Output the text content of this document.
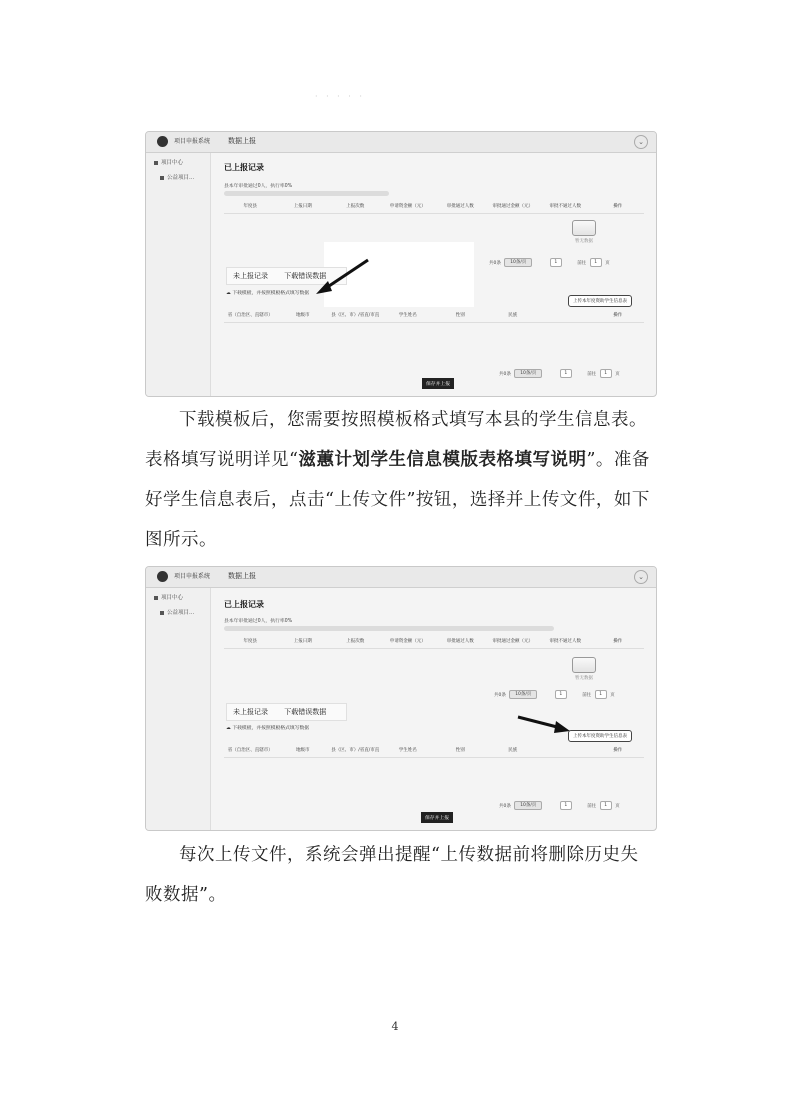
· · · · ·
项目申报系统	数据上报	⌄
项目中心
公益项目...
已上报记录
县本年审批通过0人，执行率0%
年度县	上报日期	上报次数	申请资金额（元）	审批通过人数	审批通过金额（元）	审批不通过人数	操作
暂无数据
共0条 10条/页	1	前往 1 页
未上报记录 下载错误数据
☁ 下载模板，并按照模板格式填写数据
上传本年度资助学生信息表
省（自治区、直辖市）	地级市	县（区、市）/省直/市直	学生姓名	性别	民族	操作
共0条 10条/页	1	前往 1 页
保存并上报
下载模板后，您需要按照模板格式填写本县的学生信息表。表格填写说明详见“滋蕙计划学生信息模版表格填写说明”。准备好学生信息表后，点击“上传文件”按钮，选择并上传文件，如下图所示。
项目申报系统	数据上报	⌄
项目中心
公益项目...
已上报记录
县本年审批通过0人，执行率0%
年度县	上报日期	上报次数	申请资金额（元）	审批通过人数	审批通过金额（元）	审批不通过人数	操作
暂无数据
共0条 10条/页	1	前往 1 页
未上报记录 下载错误数据
☁ 下载模板，并按照模板格式填写数据
上传本年度资助学生信息表
省（自治区、直辖市）	地级市	县（区、市）/省直/市直	学生姓名	性别	民族	操作
共0条 10条/页	1	前往 1 页
保存并上报
每次上传文件，系统会弹出提醒“上传数据前将删除历史失败数据”。
4
